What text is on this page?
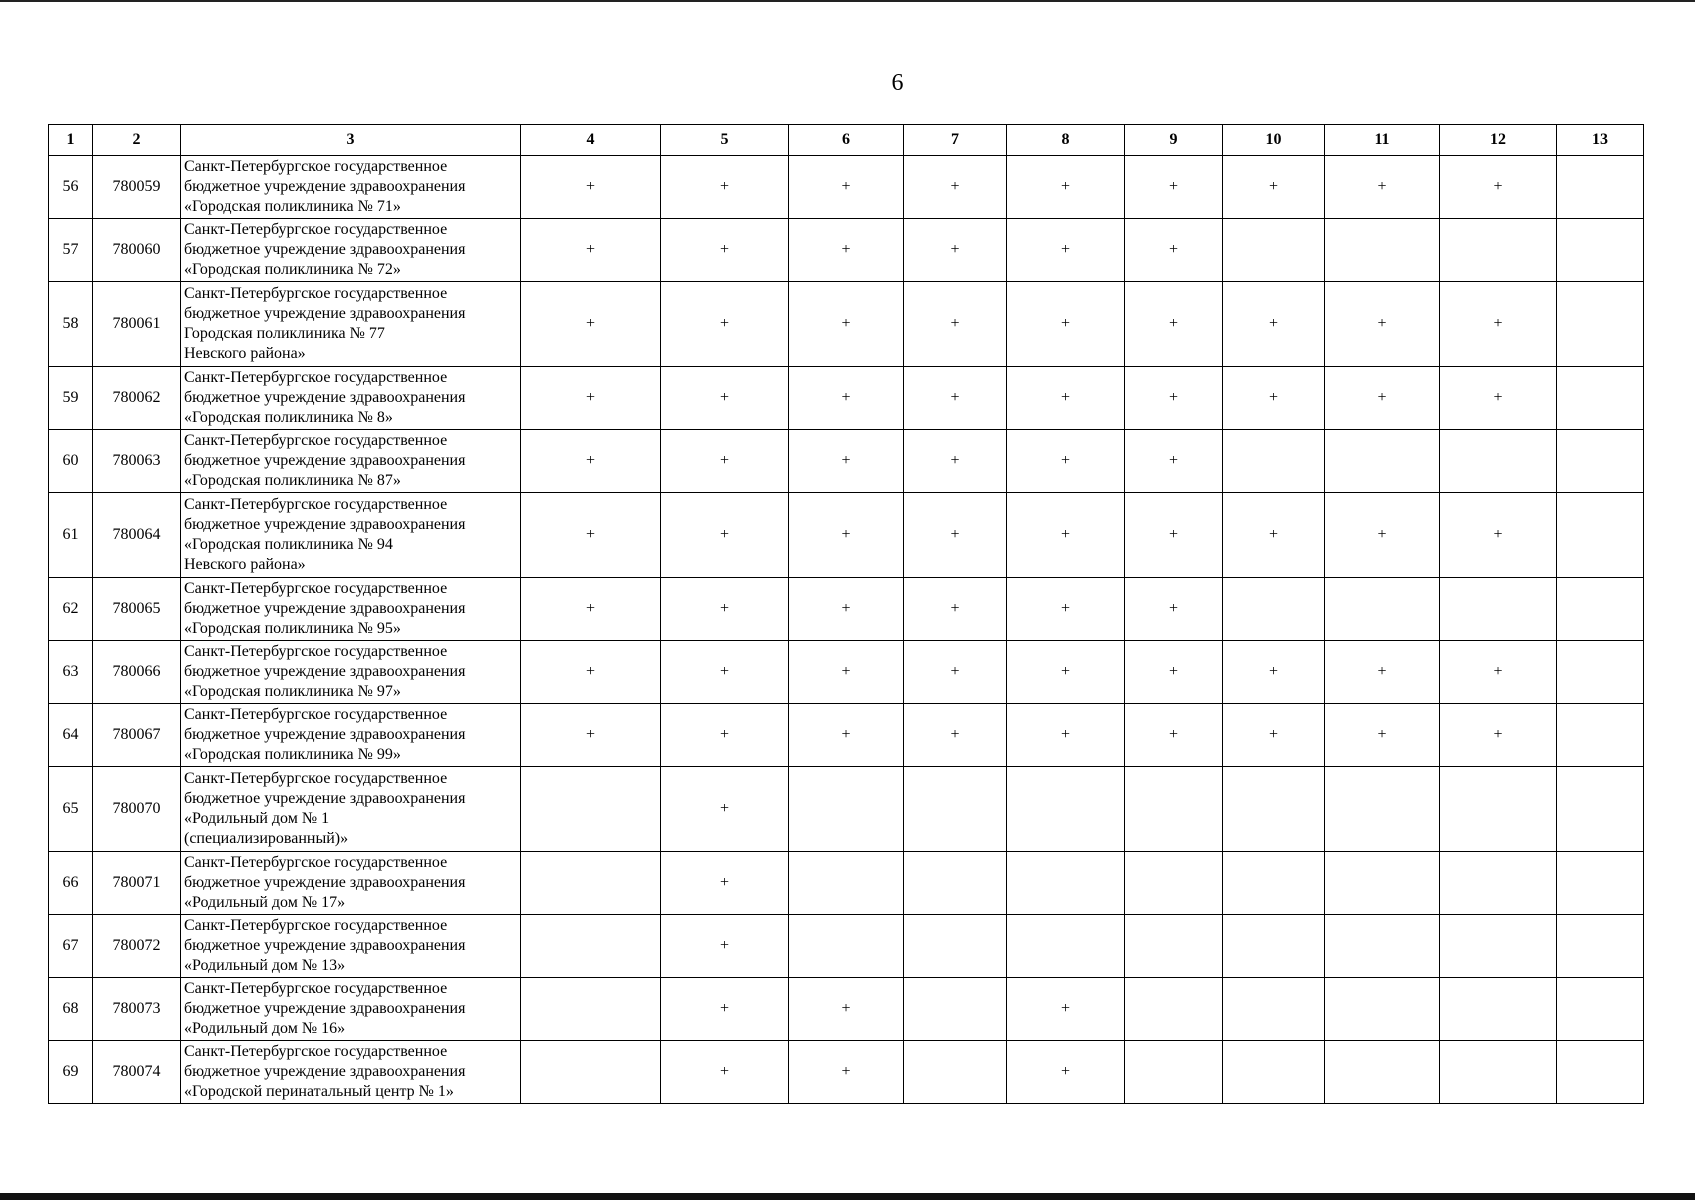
6
1	2	3	4	5	6	7	8	9	10	11	12	13
56	780059	Санкт-Петербургское государственное
бюджетное учреждение здравоохранения
«Городская поликлиника № 71»	+	+	+	+	+	+	+	+	+	
57	780060	Санкт-Петербургское государственное
бюджетное учреждение здравоохранения
«Городская поликлиника № 72»	+	+	+	+	+	+				
58	780061	Санкт-Петербургское государственное
бюджетное учреждение здравоохранения
Городская поликлиника № 77
Невского района»	+	+	+	+	+	+	+	+	+	
59	780062	Санкт-Петербургское государственное
бюджетное учреждение здравоохранения
«Городская поликлиника № 8»	+	+	+	+	+	+	+	+	+	
60	780063	Санкт-Петербургское государственное
бюджетное учреждение здравоохранения
«Городская поликлиника № 87»	+	+	+	+	+	+				
61	780064	Санкт-Петербургское государственное
бюджетное учреждение здравоохранения
«Городская поликлиника № 94
Невского района»	+	+	+	+	+	+	+	+	+	
62	780065	Санкт-Петербургское государственное
бюджетное учреждение здравоохранения
«Городская поликлиника № 95»	+	+	+	+	+	+				
63	780066	Санкт-Петербургское государственное
бюджетное учреждение здравоохранения
«Городская поликлиника № 97»	+	+	+	+	+	+	+	+	+	
64	780067	Санкт-Петербургское государственное
бюджетное учреждение здравоохранения
«Городская поликлиника № 99»	+	+	+	+	+	+	+	+	+	
65	780070	Санкт-Петербургское государственное
бюджетное учреждение здравоохранения
«Родильный дом № 1
(специализированный)»		+								
66	780071	Санкт-Петербургское государственное
бюджетное учреждение здравоохранения
«Родильный дом № 17»		+								
67	780072	Санкт-Петербургское государственное
бюджетное учреждение здравоохранения
«Родильный дом № 13»		+								
68	780073	Санкт-Петербургское государственное
бюджетное учреждение здравоохранения
«Родильный дом № 16»		+	+		+					
69	780074	Санкт-Петербургское государственное
бюджетное учреждение здравоохранения
«Городской перинатальный центр № 1»		+	+		+					
